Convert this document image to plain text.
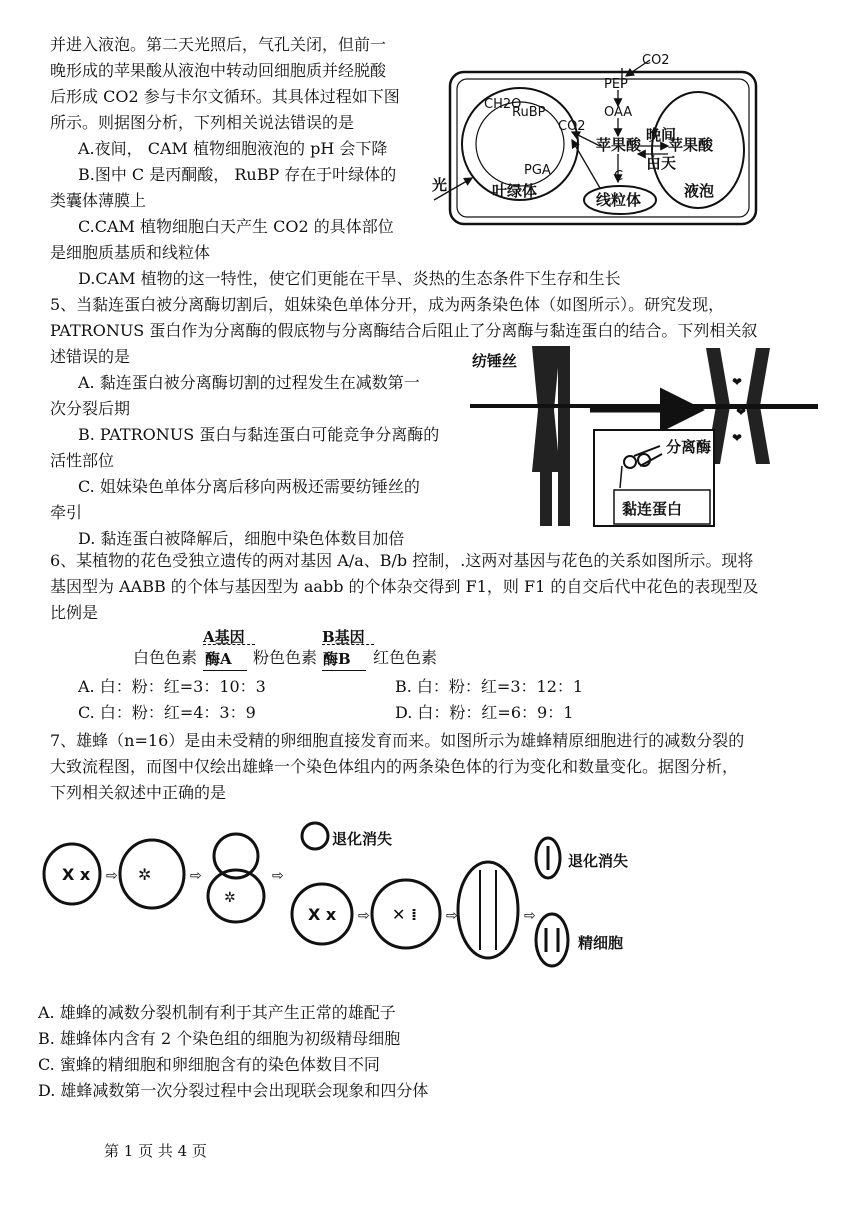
并进入液泡。第二天光照后，气孔关闭，但前一
晚形成的苹果酸从液泡中转动回细胞质并经脱酸
后形成 CO2 参与卡尔文循环。其具体过程如下图
所示。则据图分析，下列相关说法错误的是
A.夜间， CAM 植物细胞液泡的 pH 会下降
B.图中 C 是丙酮酸， RuBP 存在于叶绿体的
类囊体薄膜上
C.CAM 植物细胞白天产生 CO2 的具体部位
是细胞质基质和线粒体
D.CAM 植物的这一特性，使它们更能在干旱、炎热的生态条件下生存和生长
CO2
PEP
OAA
CH2O
RuBP
CO2
PGA
苹果酸
晚间
白天
苹果酸
C
光	叶绿体	线粒体	液泡
5、当黏连蛋白被分离酶切割后，姐妹染色单体分开，成为两条染色体（如图所示）。研究发现，
PATRONUS 蛋白作为分离酶的假底物与分离酶结合后阻止了分离酶与黏连蛋白的结合。下列相关叙
述错误的是
A. 黏连蛋白被分离酶切割的过程发生在减数第一
次分裂后期
B. PATRONUS 蛋白与黏连蛋白可能竞争分离酶的
活性部位
C. 姐妹染色单体分离后移向两极还需要纺锤丝的
牵引
D. 黏连蛋白被降解后，细胞中染色体数目加倍
❤
❤
❤
纺锤丝
分离酶
黏连蛋白
6、某植物的花色受独立遗传的两对基因 A/a、B/b 控制，.这两对基因与花色的关系如图所示。现将
基因型为 AABB 的个体与基因型为 aabb 的个体杂交得到 F1，则 F1 的自交后代中花色的表现型及
比例是
A基因	B基因
白色色素 酶A 粉色色素 酶B 红色色素
A. 白：粉：红=3：10：3	B. 白：粉：红=3：12：1
C. 白：粉：红=4：3：9	D. 白：粉：红=6：9：1
7、雄蜂（n=16）是由未受精的卵细胞直接发育而来。如图所示为雄蜂精原细胞进行的减数分裂的
大致流程图，而图中仅绘出雄蜂一个染色体组内的两条染色体的行为变化和数量变化。据图分析，
下列相关叙述中正确的是
X x ⇨ ✲	⇨
✲
⇨
退化消失
X x ⇨ ✕ ⁞ ⇨	⇨
退化消失
精细胞
A. 雄蜂的减数分裂机制有利于其产生正常的雄配子
B. 雄蜂体内含有 2 个染色组的细胞为初级精母细胞
C. 蜜蜂的精细胞和卵细胞含有的染色体数目不同
D. 雄蜂减数第一次分裂过程中会出现联会现象和四分体
第 1 页 共 4 页
